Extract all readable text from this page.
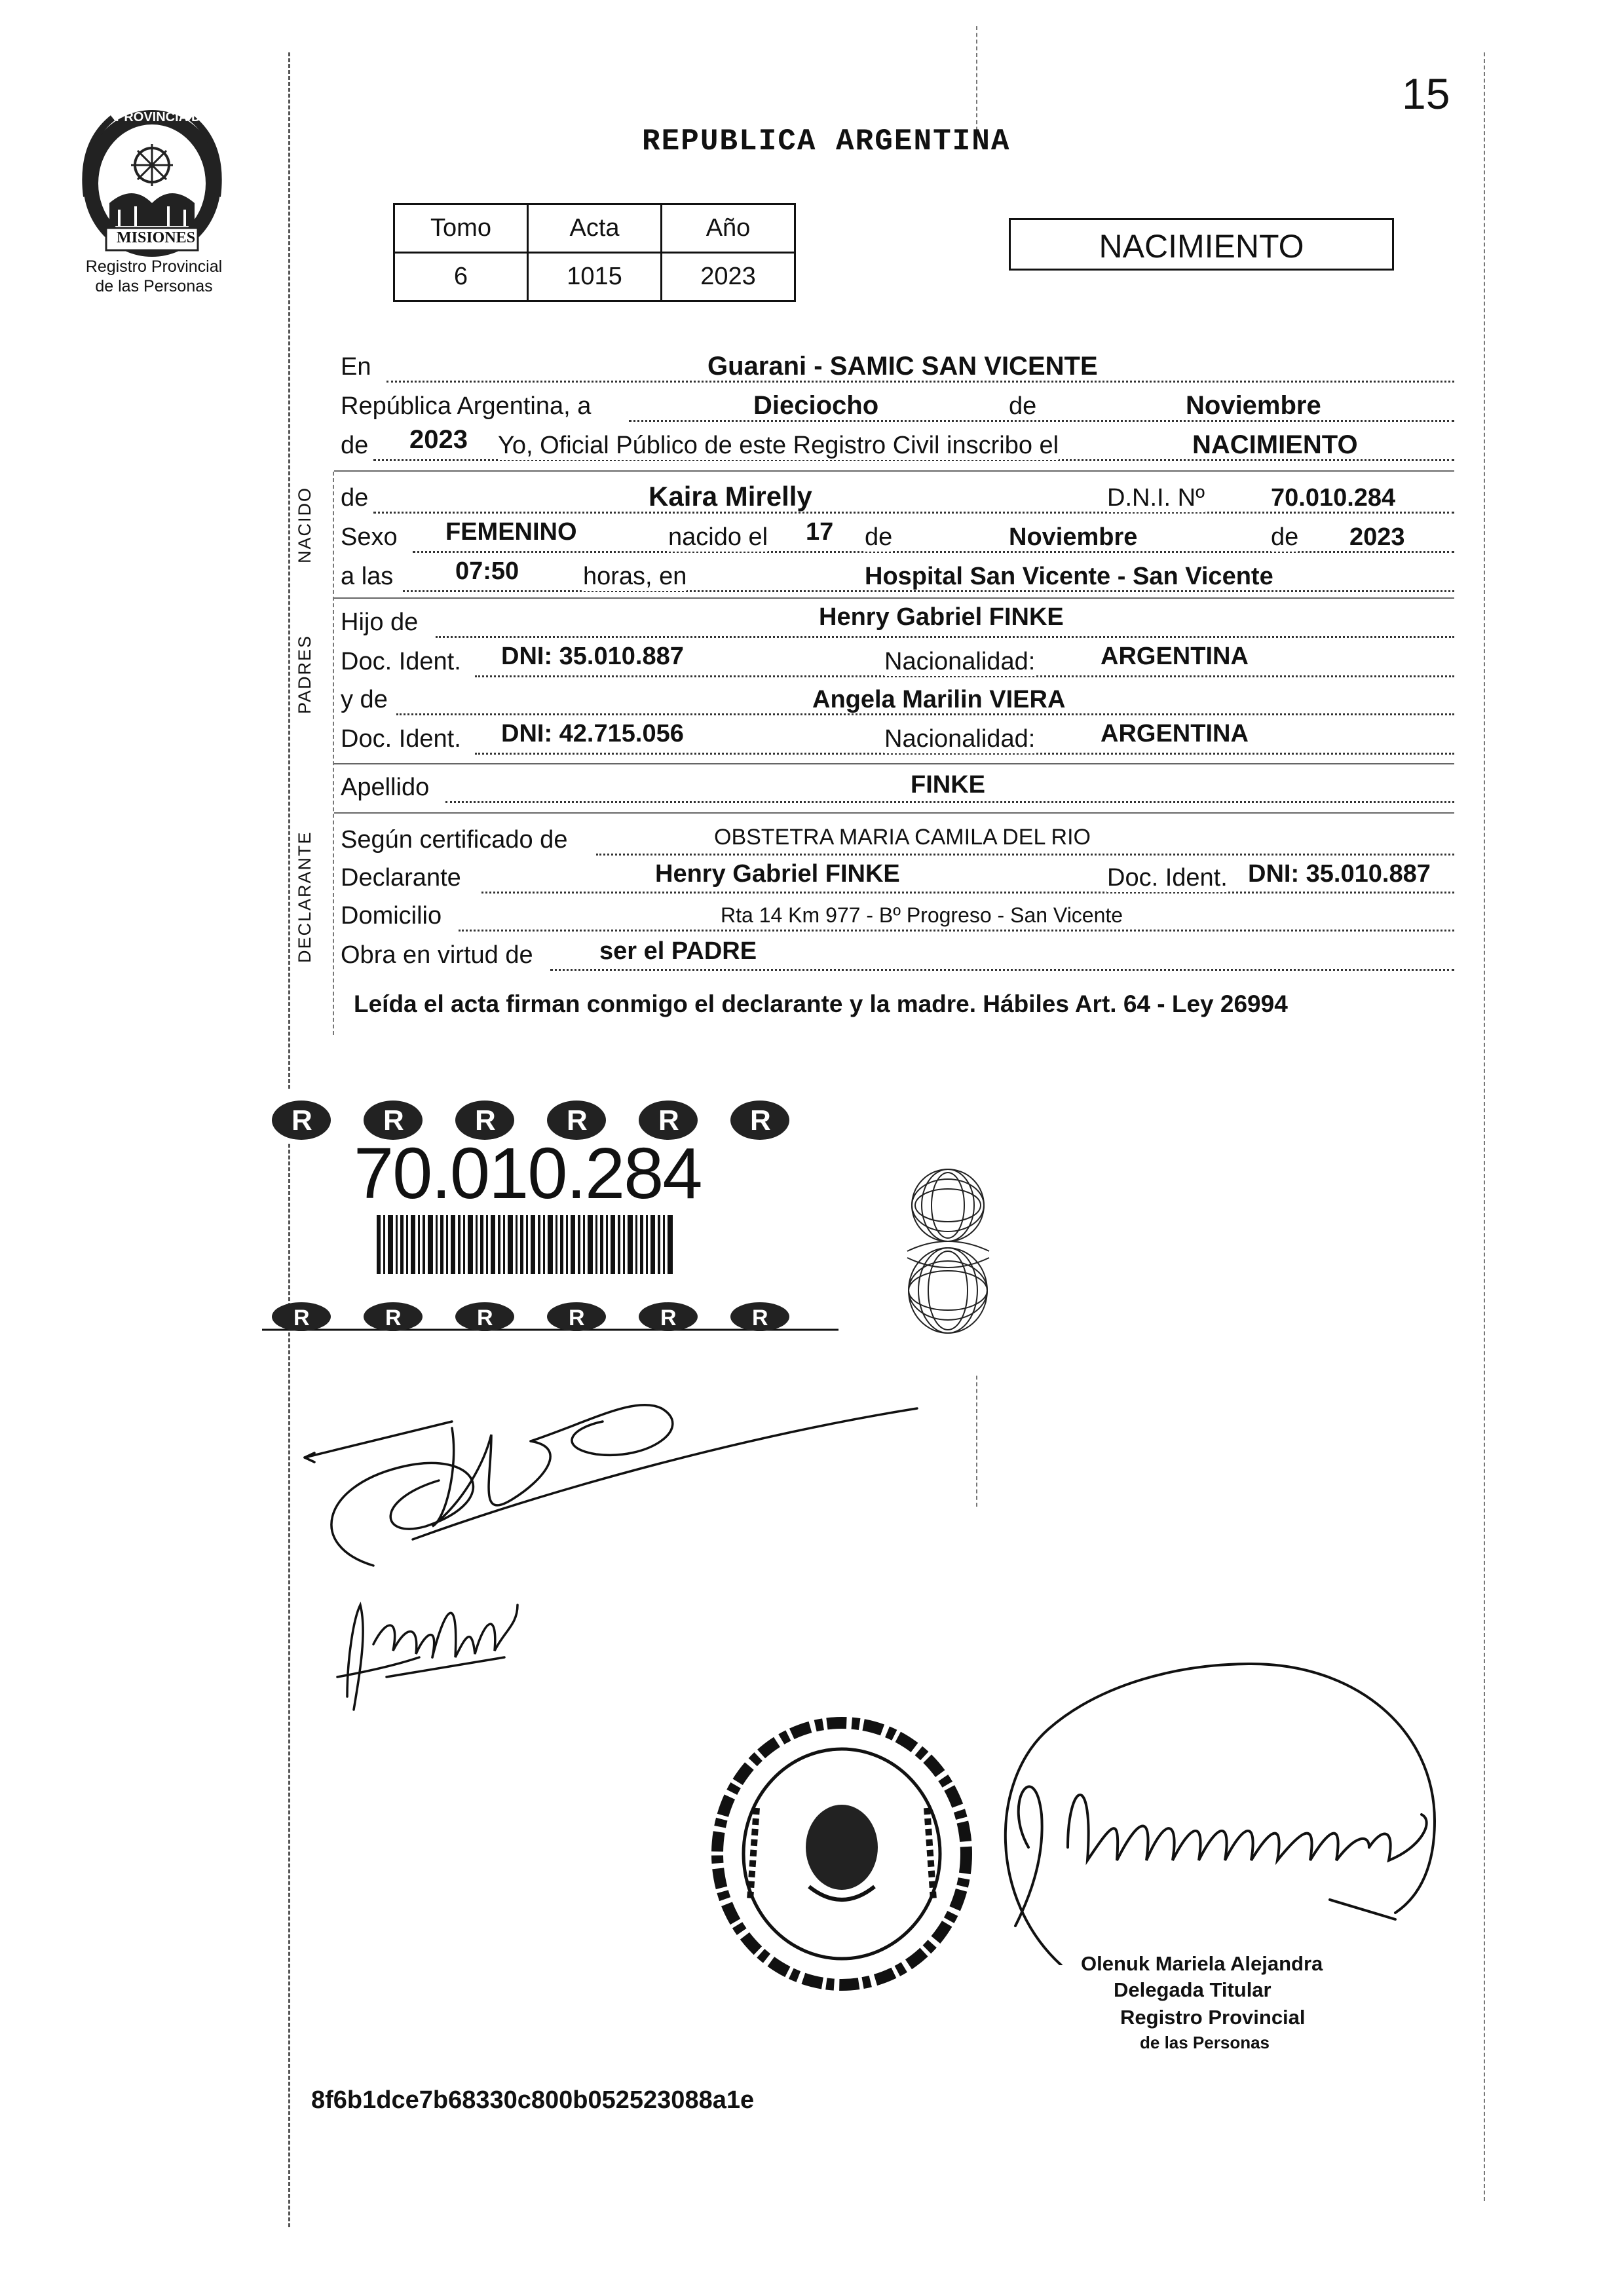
PROVINCIA DE
MISIONES
Registro Provincial
de las Personas
15
REPUBLICA ARGENTINA
Tomo	Acta	Año
6	1015	2023
NACIMIENTO
NACIDO
PADRES
DECLARANTE
En	Guarani - SAMIC SAN VICENTE
República Argentina, a	Dieciocho	de	Noviembre
de 2023 Yo, Oficial Público de este Registro Civil inscribo el	NACIMIENTO
de	Kaira Mirelly	D.N.I. Nº	70.010.284
Sexo FEMENINO	nacido el 17 de	Noviembre	de 2023
a las 07:50	horas, en	Hospital San Vicente - San Vicente
Hijo de	Henry Gabriel FINKE
Doc. Ident. DNI: 35.010.887	Nacionalidad:	ARGENTINA
y de	Angela Marilin VIERA
Doc. Ident. DNI: 42.715.056	Nacionalidad:	ARGENTINA
Apellido	FINKE
Según certificado de	OBSTETRA MARIA CAMILA DEL RIO
Declarante	Henry Gabriel FINKE	Doc. Ident. DNI: 35.010.887
Domicilio	Rta 14 Km 977 - Bº Progreso - San Vicente
Obra en virtud de	ser el PADRE
Leída el acta firman conmigo el declarante y la madre. Hábiles Art. 64 - Ley 26994
R R R R R R
70.010.284
R	R	R	R	R	R
Olenuk Mariela Alejandra
Delegada Titular
Registro Provincial
de las Personas
8f6b1dce7b68330c800b052523088a1e
